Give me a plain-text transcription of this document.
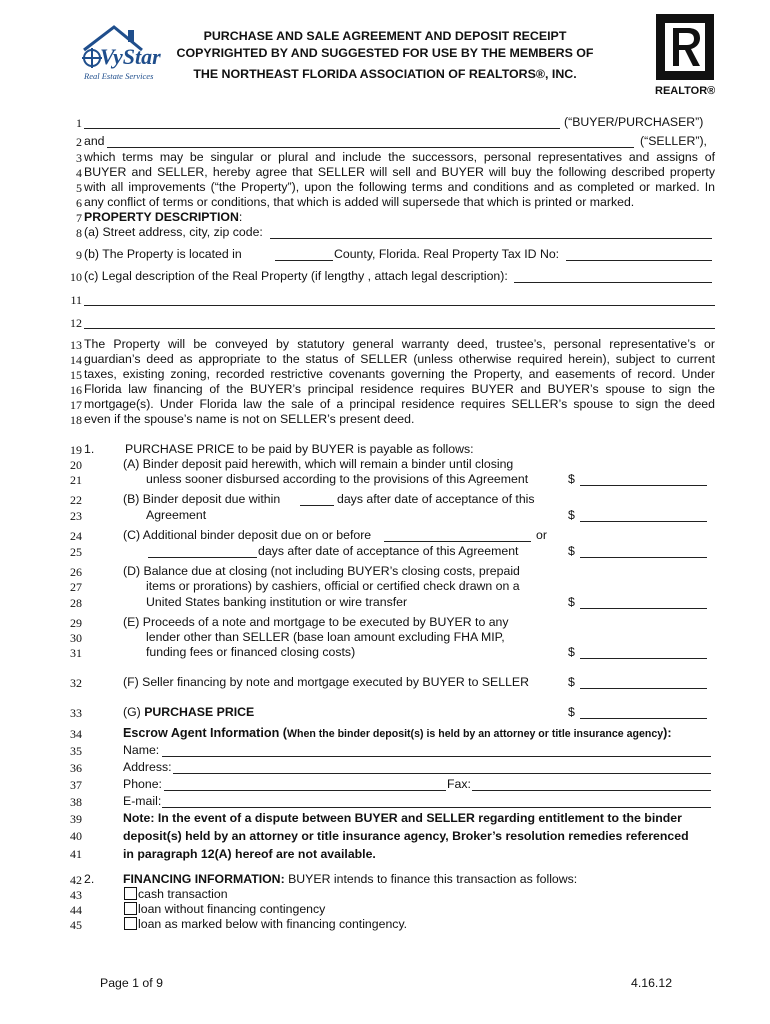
VyStar
Real Estate Services
PURCHASE AND SALE AGREEMENT AND DEPOSIT RECEIPT
COPYRIGHTED BY AND SUGGESTED FOR USE BY THE MEMBERS OF
THE NORTHEAST FLORIDA ASSOCIATION OF REALTORS®, INC.
REALTOR®
1
2
3
4
5
6
7
8
9
10
11
12
13
14
15
16
17
18
19
20
21
22
23
24
25
26
27
28
29
30
31
32
33
34
35
36
37
38
39
40
41
42
43
44
45
(“BUYER/PURCHASER”)
and	(“SELLER”),
which terms may be singular or plural and include the successors, personal representatives and assigns of
BUYER and SELLER, hereby agree that SELLER will sell and BUYER will buy the following described property
with all improvements (“the Property”), upon the following terms and conditions and as completed or marked. In
any conflict of terms or conditions, that which is added will supersede that which is printed or marked.
PROPERTY DESCRIPTION:
(a) Street address, city, zip code:
(b) The Property is located in	County, Florida. Real Property Tax ID No:
(c) Legal description of the Real Property (if lengthy , attach legal description):
The Property will be conveyed by statutory general warranty deed, trustee’s, personal representative’s or
guardian’s deed as appropriate to the status of SELLER (unless otherwise required herein), subject to current
taxes, existing zoning, recorded restrictive covenants governing the Property, and easements of record. Under
Florida law financing of the BUYER’s principal residence requires BUYER and BUYER’s spouse to sign the
mortgage(s). Under Florida law the sale of a principal residence requires SELLER’s spouse to sign the deed
even if the spouse’s name is not on SELLER’s present deed.
1. PURCHASE PRICE to be paid by BUYER is payable as follows:
(A) Binder deposit paid herewith, which will remain a binder until closing
unless sooner disbursed according to the provisions of this Agreement	$
(B) Binder deposit due within	days after date of acceptance of this
Agreement	$
(C) Additional binder deposit due on or before	or
days after date of acceptance of this Agreement	$
(D) Balance due at closing (not including BUYER’s closing costs, prepaid
items or prorations) by cashiers, official or certified check drawn on a
United States banking institution or wire transfer	$
(E) Proceeds of a note and mortgage to be executed by BUYER to any
lender other than SELLER (base loan amount excluding FHA MIP,
funding fees or financed closing costs)	$
(F) Seller financing by note and mortgage executed by BUYER to SELLER	$
(G) PURCHASE PRICE	$
Escrow Agent Information (When the binder deposit(s) is held by an attorney or title insurance agency):
Name:
Address:
Phone:	Fax:
E-mail:
Note: In the event of a dispute between BUYER and SELLER regarding entitlement to the binder
deposit(s) held by an attorney or title insurance agency, Broker’s resolution remedies referenced
in paragraph 12(A) hereof are not available.
2. FINANCING INFORMATION: BUYER intends to finance this transaction as follows:
cash transaction
loan without financing contingency
loan as marked below with financing contingency.
Page 1 of 9	4.16.12
